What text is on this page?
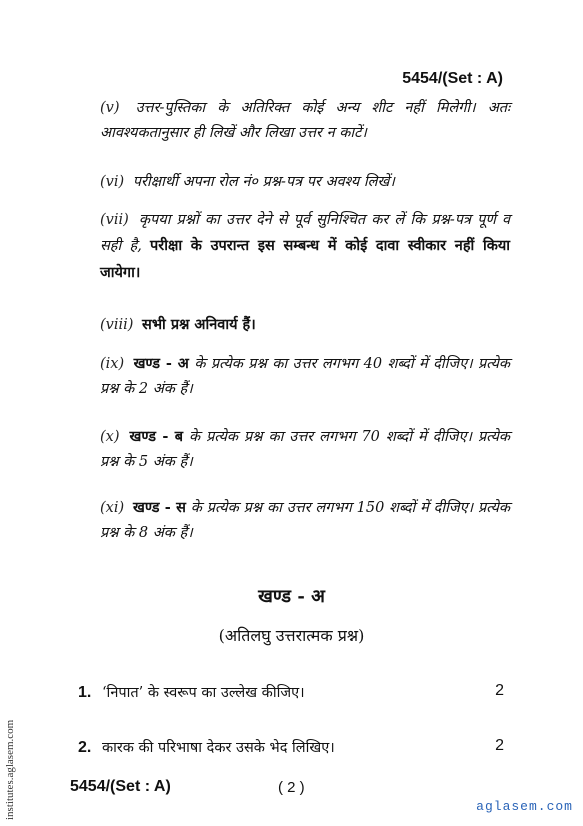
5454/(Set : A)
(v) उत्तर-पुस्तिका के अतिरिक्त कोई अन्य शीट नहीं मिलेगी। अतः आवश्यकतानुसार ही लिखें और लिखा उत्तर न काटें।
(vi) परीक्षार्थी अपना रोल नं० प्रश्न-पत्र पर अवश्य लिखें।
(vii) कृपया प्रश्नों का उत्तर देने से पूर्व सुनिश्चित कर लें कि प्रश्न-पत्र पूर्ण व सही है, परीक्षा के उपरान्त इस सम्बन्ध में कोई दावा स्वीकार नहीं किया जायेगा।
(viii) सभी प्रश्न अनिवार्य हैं।
(ix) खण्ड - अ के प्रत्येक प्रश्न का उत्तर लगभग 40 शब्दों में दीजिए। प्रत्येक प्रश्न के 2 अंक हैं।
(x) खण्ड - ब के प्रत्येक प्रश्न का उत्तर लगभग 70 शब्दों में दीजिए। प्रत्येक प्रश्न के 5 अंक हैं।
(xi) खण्ड - स के प्रत्येक प्रश्न का उत्तर लगभग 150 शब्दों में दीजिए। प्रत्येक प्रश्न के 8 अंक हैं।
खण्ड - अ
(अतिलघु उत्तरात्मक प्रश्न)
1. ‘निपात’ के स्वरूप का उल्लेख कीजिए।	2
2. कारक की परिभाषा देकर उसके भेद लिखिए।	2
5454/(Set : A)	( 2 )
institutes.aglasem.com	aglasem.com
